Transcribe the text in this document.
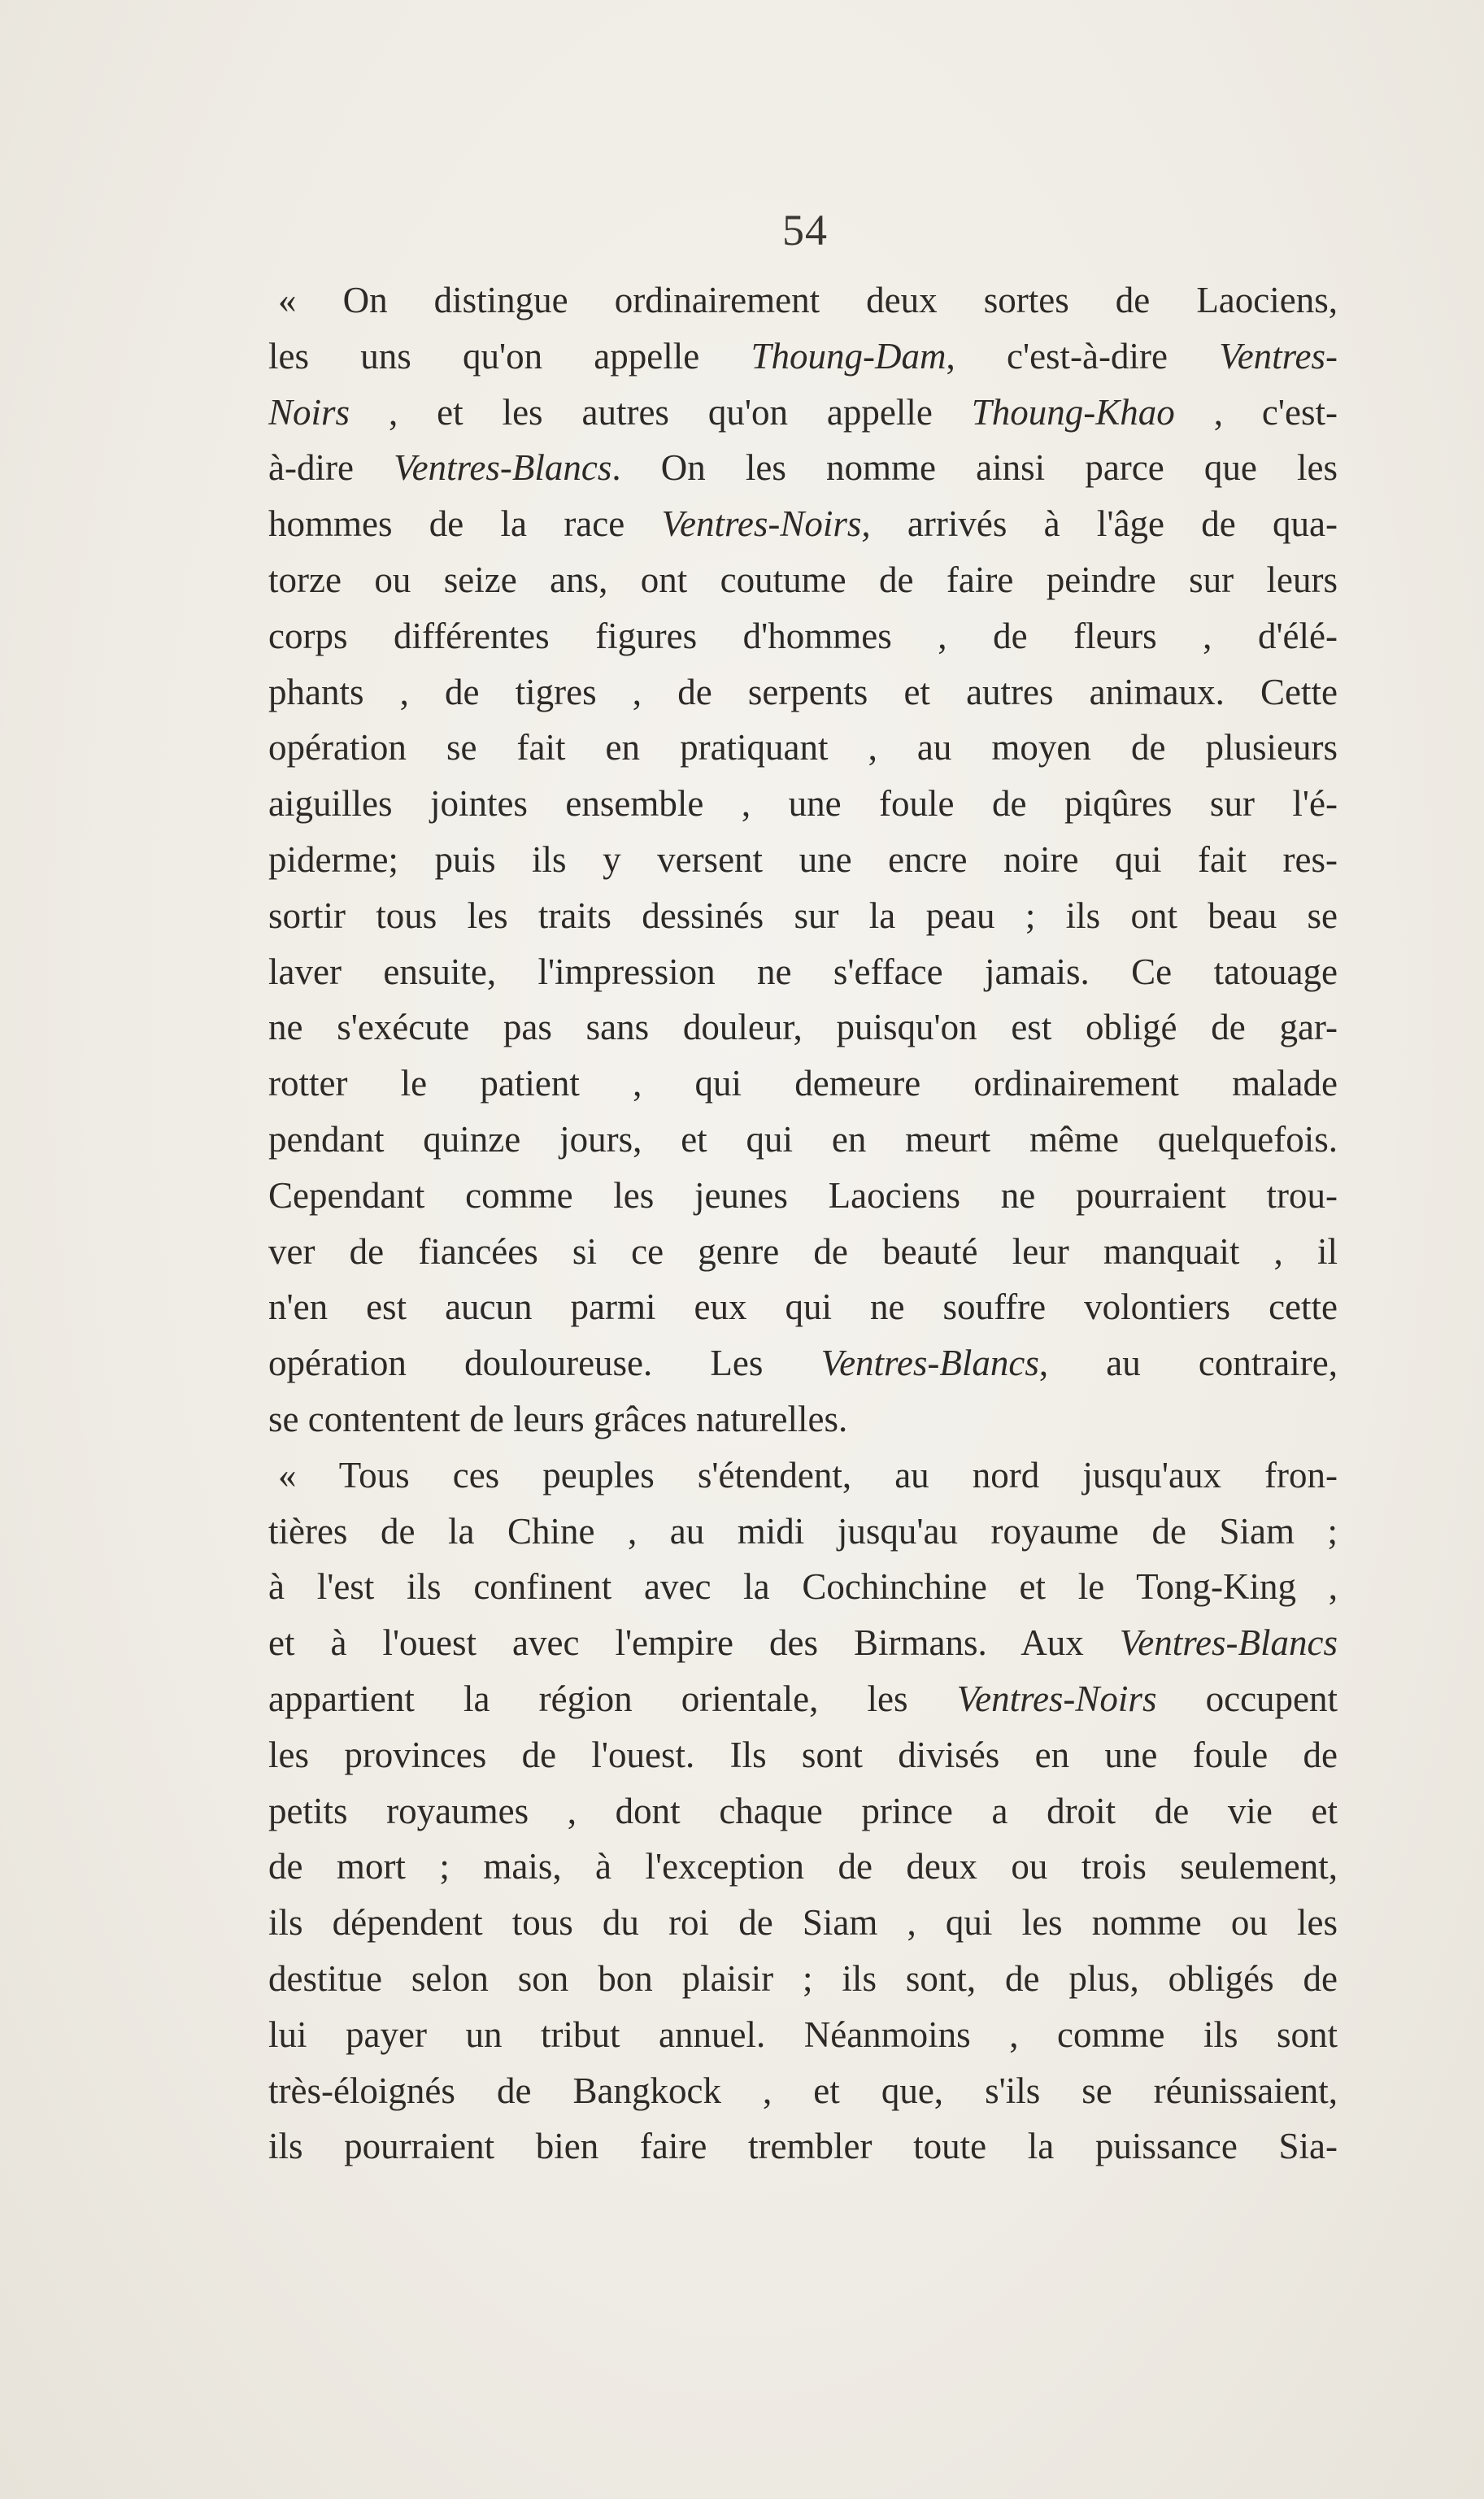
54
« On distingue ordinairement deux sortes de Laociens,
les uns qu'on appelle Thoung-Dam, c'est-à-dire Ventres-
Noirs , et les autres qu'on appelle Thoung-Khao , c'est-
à-dire Ventres-Blancs. On les nomme ainsi parce que les
hommes de la race Ventres-Noirs, arrivés à l'âge de qua-
torze ou seize ans, ont coutume de faire peindre sur leurs
corps différentes figures d'hommes , de fleurs , d'élé-
phants , de tigres , de serpents et autres animaux. Cette
opération se fait en pratiquant , au moyen de plusieurs
aiguilles jointes ensemble , une foule de piqûres sur l'é-
piderme; puis ils y versent une encre noire qui fait res-
sortir tous les traits dessinés sur la peau ; ils ont beau se
laver ensuite, l'impression ne s'efface jamais. Ce tatouage
ne s'exécute pas sans douleur, puisqu'on est obligé de gar-
rotter le patient , qui demeure ordinairement malade
pendant quinze jours, et qui en meurt même quelquefois.
Cependant comme les jeunes Laociens ne pourraient trou-
ver de fiancées si ce genre de beauté leur manquait , il
n'en est aucun parmi eux qui ne souffre volontiers cette
opération douloureuse. Les Ventres-Blancs, au contraire,
se contentent de leurs grâces naturelles.
« Tous ces peuples s'étendent, au nord jusqu'aux fron-
tières de la Chine , au midi jusqu'au royaume de Siam ;
à l'est ils confinent avec la Cochinchine et le Tong-King ,
et à l'ouest avec l'empire des Birmans. Aux Ventres-Blancs
appartient la région orientale, les Ventres-Noirs occupent
les provinces de l'ouest. Ils sont divisés en une foule de
petits royaumes , dont chaque prince a droit de vie et
de mort ; mais, à l'exception de deux ou trois seulement,
ils dépendent tous du roi de Siam , qui les nomme ou les
destitue selon son bon plaisir ; ils sont, de plus, obligés de
lui payer un tribut annuel. Néanmoins , comme ils sont
très-éloignés de Bangkock , et que, s'ils se réunissaient,
ils pourraient bien faire trembler toute la puissance Sia-
